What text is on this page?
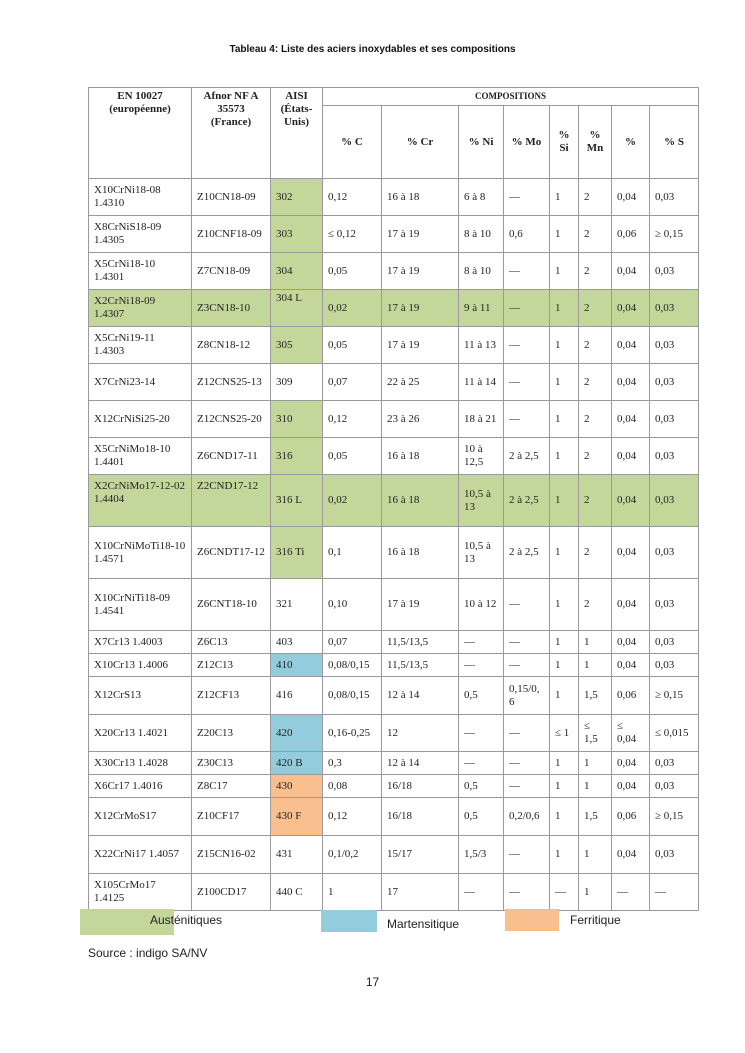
Tableau 4: Liste des aciers inoxydables et ses compositions
EN 10027 (européenne)	Afnor NF A 35573 (France)	AISI (États-Unis)	COMPOSITIONS							
			% C	% Cr	% Ni	% Mo	% Si	% Mn	%	% S
X10CrNi18-08 1.4310	Z10CN18-09	302	0,12	16 à 18	6 à 8	—	1	2	0,04	0,03
X8CrNiS18-09 1.4305	Z10CNF18-09	303	≤ 0,12	17 à 19	8 à 10	0,6	1	2	0,06	≥ 0,15
X5CrNi18-10 1.4301	Z7CN18-09	304	0,05	17 à 19	8 à 10	—	1	2	0,04	0,03
X2CrNi18-09 1.4307	Z3CN18-10	304 L	0,02	17 à 19	9 à 11	—	1	2	0,04	0,03
X5CrNi19-11 1.4303	Z8CN18-12	305	0,05	17 à 19	11 à 13	—	1	2	0,04	0,03
X7CrNi23-14	Z12CNS25-13	309	0,07	22 à 25	11 à 14	—	1	2	0,04	0,03
X12CrNiSi25-20	Z12CNS25-20	310	0,12	23 à 26	18 à 21	—	1	2	0,04	0,03
X5CrNiMo18-10 1.4401	Z6CND17-11	316	0,05	16 à 18	10 à 12,5	2 à 2,5	1	2	0,04	0,03
X2CrNiMo17-12-02 1.4404	Z2CND17-12	316 L	0,02	16 à 18	10,5 à 13	2 à 2,5	1	2	0,04	0,03
X10CrNiMoTi18-10 1.4571	Z6CNDT17-12	316 Ti	0,1	16 à 18	10,5 à 13	2 à 2,5	1	2	0,04	0,03
X10CrNiTi18-09 1.4541	Z6CNT18-10	321	0,10	17 à 19	10 à 12	—	1	2	0,04	0,03
X7Cr13 1.4003	Z6C13	403	0,07	11,5/13,5	—	—	1	1	0,04	0,03
X10Cr13 1.4006	Z12C13	410	0,08/0,15	11,5/13,5	—	—	1	1	0,04	0,03
X12CrS13	Z12CF13	416	0,08/0,15	12 à 14	0,5	0,15/0,6	1	1,5	0,06	≥ 0,15
X20Cr13 1.4021	Z20C13	420	0,16-0,25	12	—	—	≤ 1	≤ 1,5	≤ 0,04	≤ 0,015
X30Cr13 1.4028	Z30C13	420 B	0,3	12 à 14	—	—	1	1	0,04	0,03
X6Cr17 1.4016	Z8C17	430	0,08	16/18	0,5	—	1	1	0,04	0,03
X12CrMoS17	Z10CF17	430 F	0,12	16/18	0,5	0,2/0,6	1	1,5	0,06	≥ 0,15
X22CrNi17 1.4057	Z15CN16-02	431	0,1/0,2	15/17	1,5/3	—	1	1	0,04	0,03
X105CrMo17 1.4125	Z100CD17	440 C	1	17	—	—	—	1	—	—
Austénitiques	Martensitique	Ferritique
Source : indigo SA/NV
17
